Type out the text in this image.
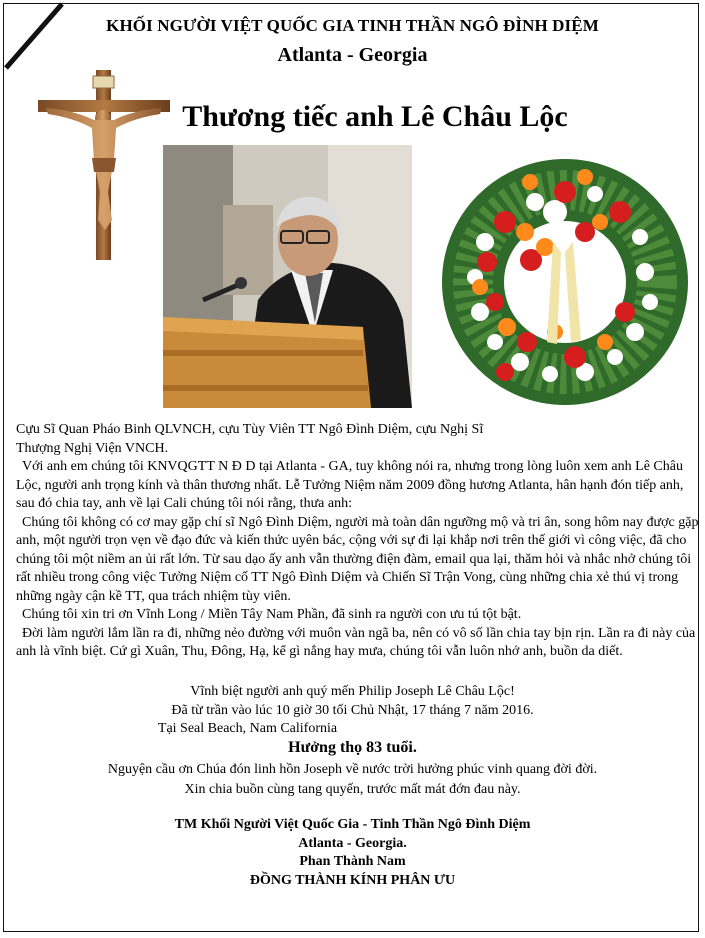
KHỐI NGƯỜI VIỆT QUỐC GIA TINH THẦN NGÔ ĐÌNH DIỆM
Atlanta - Georgia
Thương tiếc anh Lê Châu Lộc

Cựu Sĩ Quan Pháo Binh QLVNCH, cựu Tùy Viên TT Ngô Đình Diệm, cựu Nghị Sĩ

Thượng Nghị Viện VNCH.

Với anh em chúng tôi KNVQGTT N Đ D tại Atlanta - GA, tuy không nói ra, nhưng trong lòng luôn xem anh Lê Châu Lộc, người anh trọng kính và thân thương nhất. Lễ Tưởng Niệm năm 2009 đồng hương Atlanta, hân hạnh đón tiếp anh, sau đó chia tay, anh về lại Cali chúng tôi nói rằng, thưa anh:

Chúng tôi không có cơ may gặp chí sĩ Ngô Đình Diệm, người mà toàn dân ngưỡng mộ và tri ân, song hôm nay được gặp anh, một người trọn vẹn về đạo đức và kiến thức uyên bác, cộng với sự đi lại khắp nơi trên thế giới vì công việc, đã cho chúng tôi một niềm an ủi rất lớn. Từ sau dạo ấy anh vẫn thường điện đàm, email qua lại, thăm hỏi và nhắc nhở chúng tôi rất nhiều trong công việc Tưởng Niệm cố TT Ngô Đình Diệm và Chiến Sĩ Trận Vong, cùng những chia xẻ thú vị trong những ngày cận kề TT, qua trách nhiệm tùy viên.

Chúng tôi xin tri ơn Vĩnh Long / Miền Tây Nam Phần, đã sinh ra người con ưu tú tột bật.

Đời làm người lắm lần ra đi, những nẻo đường với muôn vàn ngã ba, nên có vô số lần chia tay bịn rịn. Lần ra đi này của anh là vĩnh biệt. Cứ gì Xuân, Thu, Đông, Hạ, kể gì nắng hay mưa, chúng tôi vẫn luôn nhớ anh, buồn da diết.

Vĩnh biệt người anh quý mến Philip Joseph Lê Châu Lộc!
Đã từ trần vào lúc 10 giờ 30 tối Chủ Nhật, 17 tháng 7 năm 2016.
Tại Seal Beach, Nam California
Hưởng thọ 83 tuổi.
Nguyện cầu ơn Chúa đón linh hồn Joseph về nước trời hưởng phúc vinh quang đời đời.
Xin chia buồn cùng tang quyến, trước mất mát đớn đau này.
TM Khối Người Việt Quốc Gia - Tinh Thần Ngô Đình Diệm
Atlanta - Georgia.
Phan Thành Nam
ĐỒNG THÀNH KÍNH PHÂN ƯU
